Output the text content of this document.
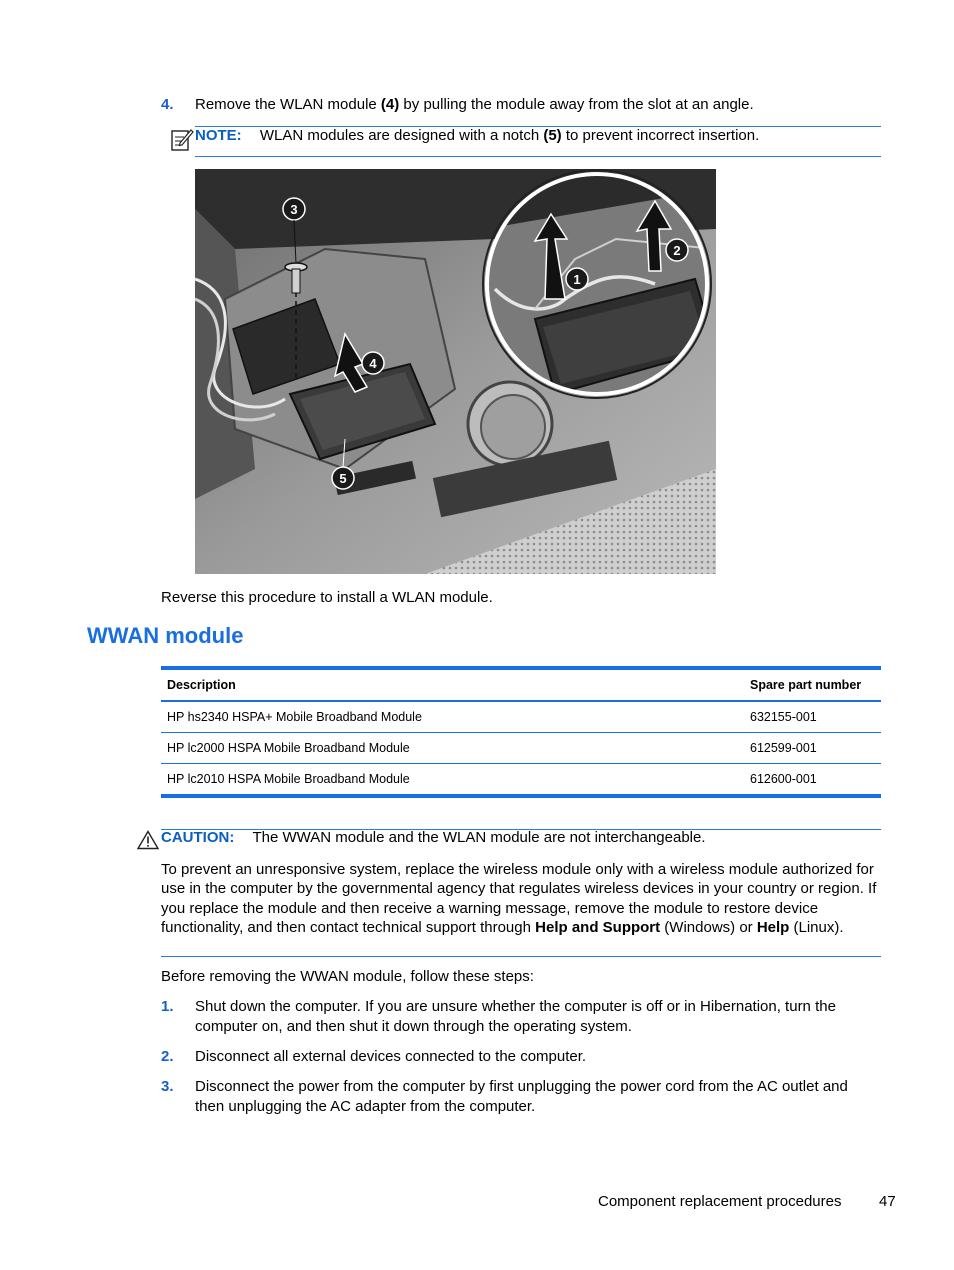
4. Remove the WLAN module (4) by pulling the module away from the slot at an angle.
NOTE: WLAN modules are designed with a notch (5) to prevent incorrect insertion.
1
2
3
4
5
Reverse this procedure to install a WLAN module.
WWAN module
Description	Spare part number
HP hs2340 HSPA+ Mobile Broadband Module	632155-001
HP lc2000 HSPA Mobile Broadband Module	612599-001
HP lc2010 HSPA Mobile Broadband Module	612600-001
CAUTION: The WWAN module and the WLAN module are not interchangeable.
To prevent an unresponsive system, replace the wireless module only with a wireless module authorized for use in the computer by the governmental agency that regulates wireless devices in your country or region. If you replace the module and then receive a warning message, remove the module to restore device functionality, and then contact technical support through Help and Support (Windows) or Help (Linux).
Before removing the WWAN module, follow these steps:
1. Shut down the computer. If you are unsure whether the computer is off or in Hibernation, turn the computer on, and then shut it down through the operating system.
2. Disconnect all external devices connected to the computer.
3. Disconnect the power from the computer by first unplugging the power cord from the AC outlet and then unplugging the AC adapter from the computer.
Component replacement procedures	47
